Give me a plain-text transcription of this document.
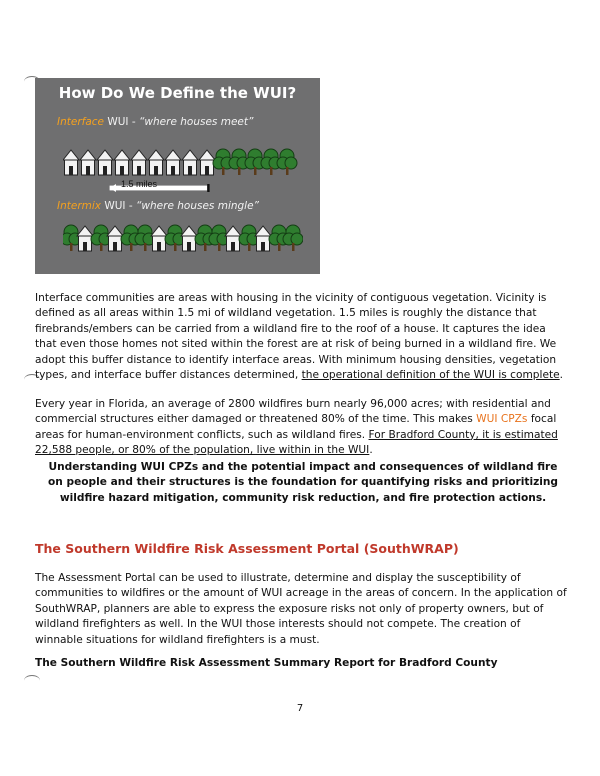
How Do We Define the WUI?
Interface WUI - “where houses meet”
1.5 miles
Intermix WUI - “where houses mingle”

Interface communities are areas with housing in the vicinity of contiguous vegetation. Vicinity is defined as all areas within 1.5 mi of wildland vegetation. 1.5 miles is roughly the distance that firebrands/embers can be carried from a wildland fire to the roof of a house. It captures the idea that even those homes not sited within the forest are at risk of being burned in a wildland fire. We adopt this buffer distance to identify interface areas. With minimum housing densities, vegetation types, and interface buffer distances determined, the operational definition of the WUI is complete.

Every year in Florida, an average of 2800 wildfires burn nearly 96,000 acres; with residential and commercial structures either damaged or threatened 80% of the time. This makes WUI CPZs focal areas for human-environment conflicts, such as wildland fires. For Bradford County, it is estimated 22,588 people, or 80% of the population, live within in the WUI.

Understanding WUI CPZs and the potential impact and consequences of wildland fire on people and their structures is the foundation for quantifying risks and prioritizing wildfire hazard mitigation, community risk reduction, and fire protection actions.

The Southern Wildfire Risk Assessment Portal (SouthWRAP)

The Assessment Portal can be used to illustrate, determine and display the susceptibility of communities to wildfires or the amount of WUI acreage in the areas of concern. In the application of SouthWRAP, planners are able to express the exposure risks not only of property owners, but of wildland firefighters as well. In the WUI those interests should not compete. The creation of winnable situations for wildland firefighters is a must.

The Southern Wildfire Risk Assessment Summary Report for Bradford County
7
